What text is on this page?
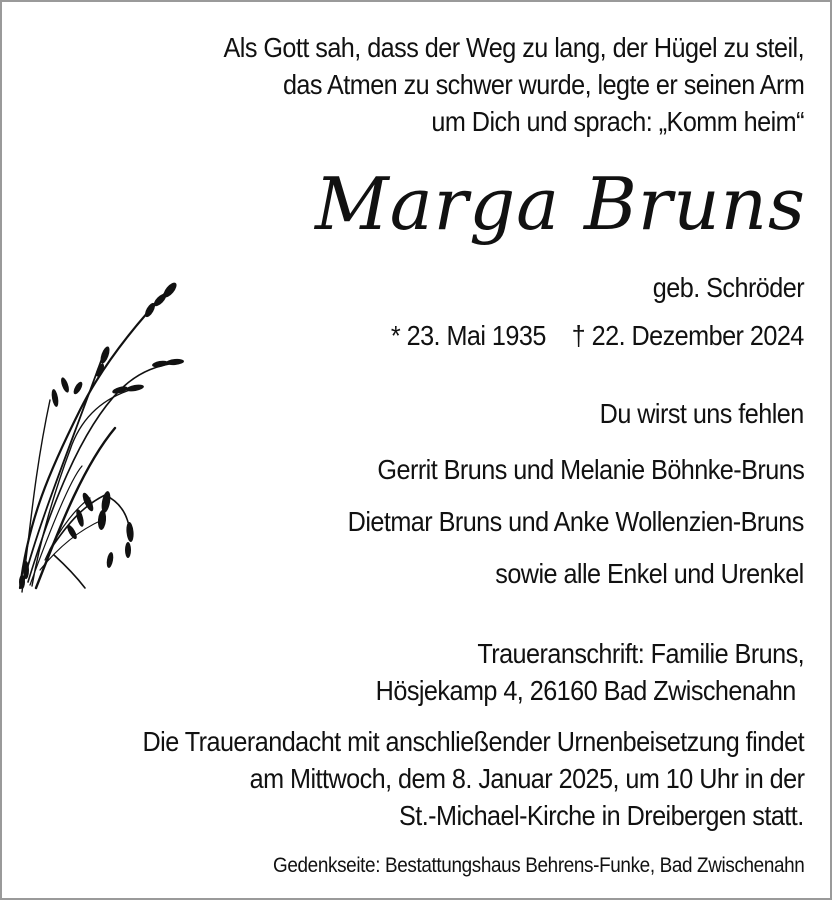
Als Gott sah, dass der Weg zu lang, der Hügel zu steil,
das Atmen zu schwer wurde, legte er seinen Arm
um Dich und sprach: „Komm heim“
Marga Bruns
geb. Schröder
* 23. Mai 1935 † 22. Dezember 2024
Du wirst uns fehlen
Gerrit Bruns und Melanie Böhnke-Bruns
Dietmar Bruns und Anke Wollenzien-Bruns
sowie alle Enkel und Urenkel
Traueranschrift: Familie Bruns,
Hösjekamp 4, 26160 Bad Zwischenahn
Die Trauerandacht mit anschließender Urnenbeisetzung findet
am Mittwoch, dem 8. Januar 2025, um 10 Uhr in der
St.-Michael-Kirche in Dreibergen statt.
Gedenkseite: Bestattungshaus Behrens-Funke, Bad Zwischenahn
